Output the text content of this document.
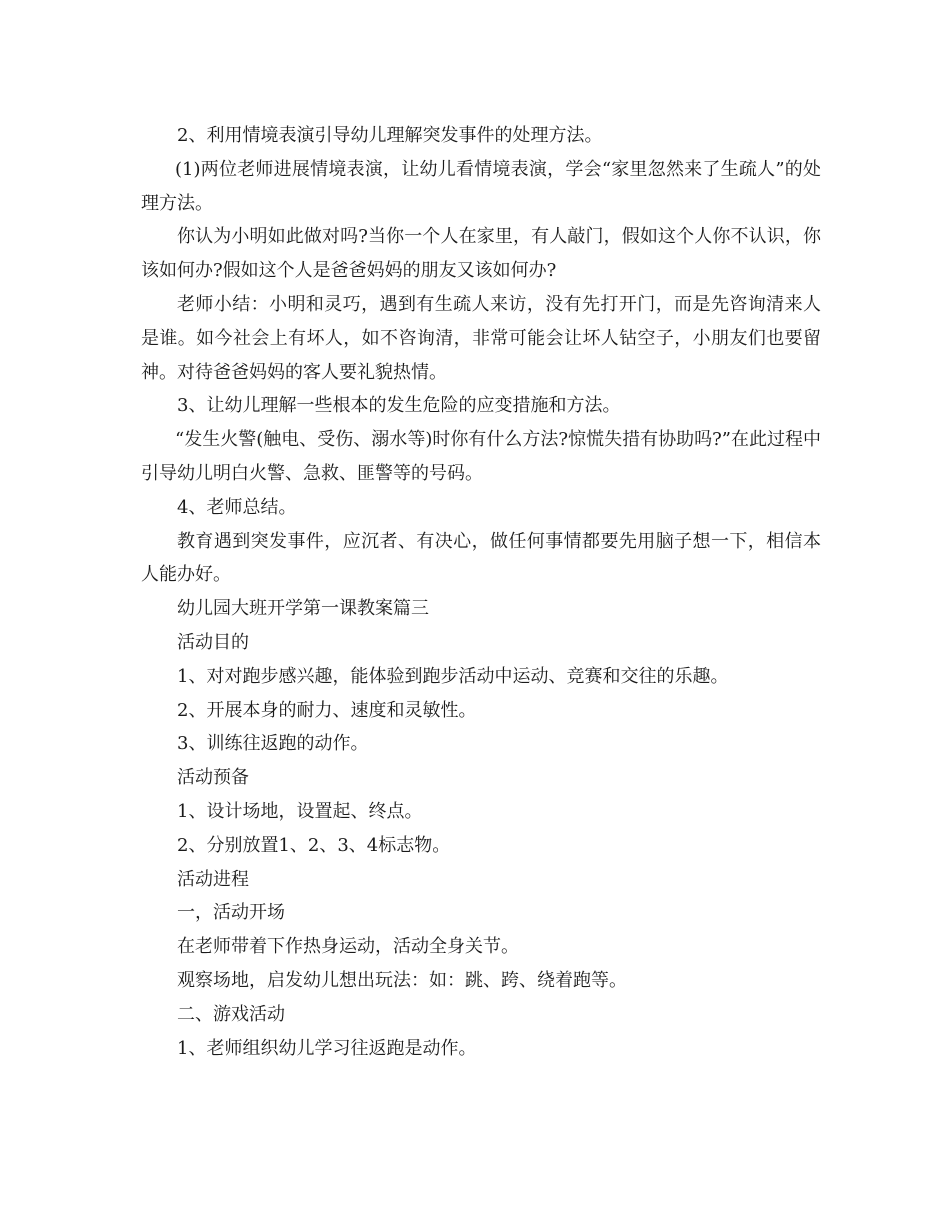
2、利用情境表演引导幼儿理解突发事件的处理方法。

(1)两位老师进展情境表演，让幼儿看情境表演，学会“家里忽然来了生疏人”的处理方法。

你认为小明如此做对吗?当你一个人在家里，有人敲门，假如这个人你不认识，你该如何办?假如这个人是爸爸妈妈的朋友又该如何办?

老师小结：小明和灵巧，遇到有生疏人来访，没有先打开门，而是先咨询清来人是谁。如今社会上有坏人，如不咨询清，非常可能会让坏人钻空子，小朋友们也要留神。对待爸爸妈妈的客人要礼貌热情。

3、让幼儿理解一些根本的发生危险的应变措施和方法。

“发生火警(触电、受伤、溺水等)时你有什么方法?惊慌失措有协助吗?”在此过程中引导幼儿明白火警、急救、匪警等的号码。

4、老师总结。

教育遇到突发事件，应沉者、有决心，做任何事情都要先用脑子想一下，相信本人能办好。

幼儿园大班开学第一课教案篇三

活动目的

1、对对跑步感兴趣，能体验到跑步活动中运动、竞赛和交往的乐趣。

2、开展本身的耐力、速度和灵敏性。

3、训练往返跑的动作。

活动预备

1、设计场地，设置起、终点。

2、分别放置1、2、3、4标志物。

活动进程

一，活动开场

在老师带着下作热身运动，活动全身关节。

观察场地，启发幼儿想出玩法：如：跳、跨、绕着跑等。

二、游戏活动

1、老师组织幼儿学习往返跑是动作。
